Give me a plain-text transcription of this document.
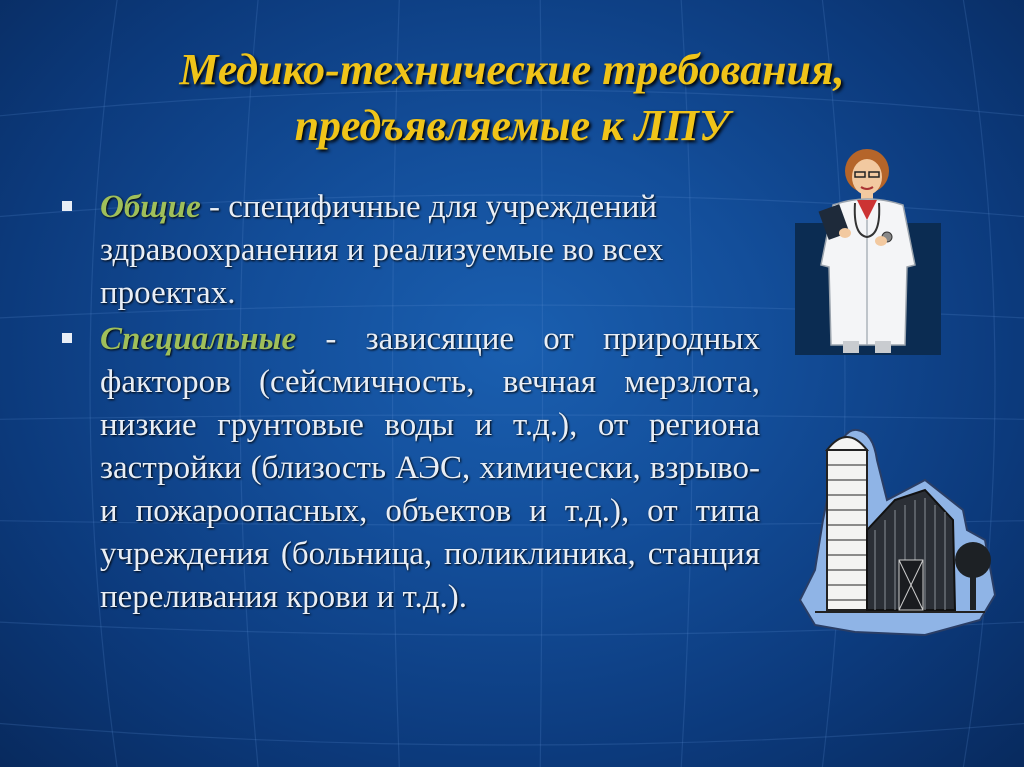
Медико-технические требования,
предъявляемые к ЛПУ
Общие - специфичные для учреждений здравоохранения и реализуемые во всех проектах.
Специальные - зависящие от природных факторов (сейсмичность, вечная мерзлота, низкие грунтовые воды и т.д.), от региона застройки (близость АЭС, химически, взрыво- и пожароопасных, объектов и т.д.), от типа учреждения (больница, поликлиника, станция переливания крови и т.д.).
